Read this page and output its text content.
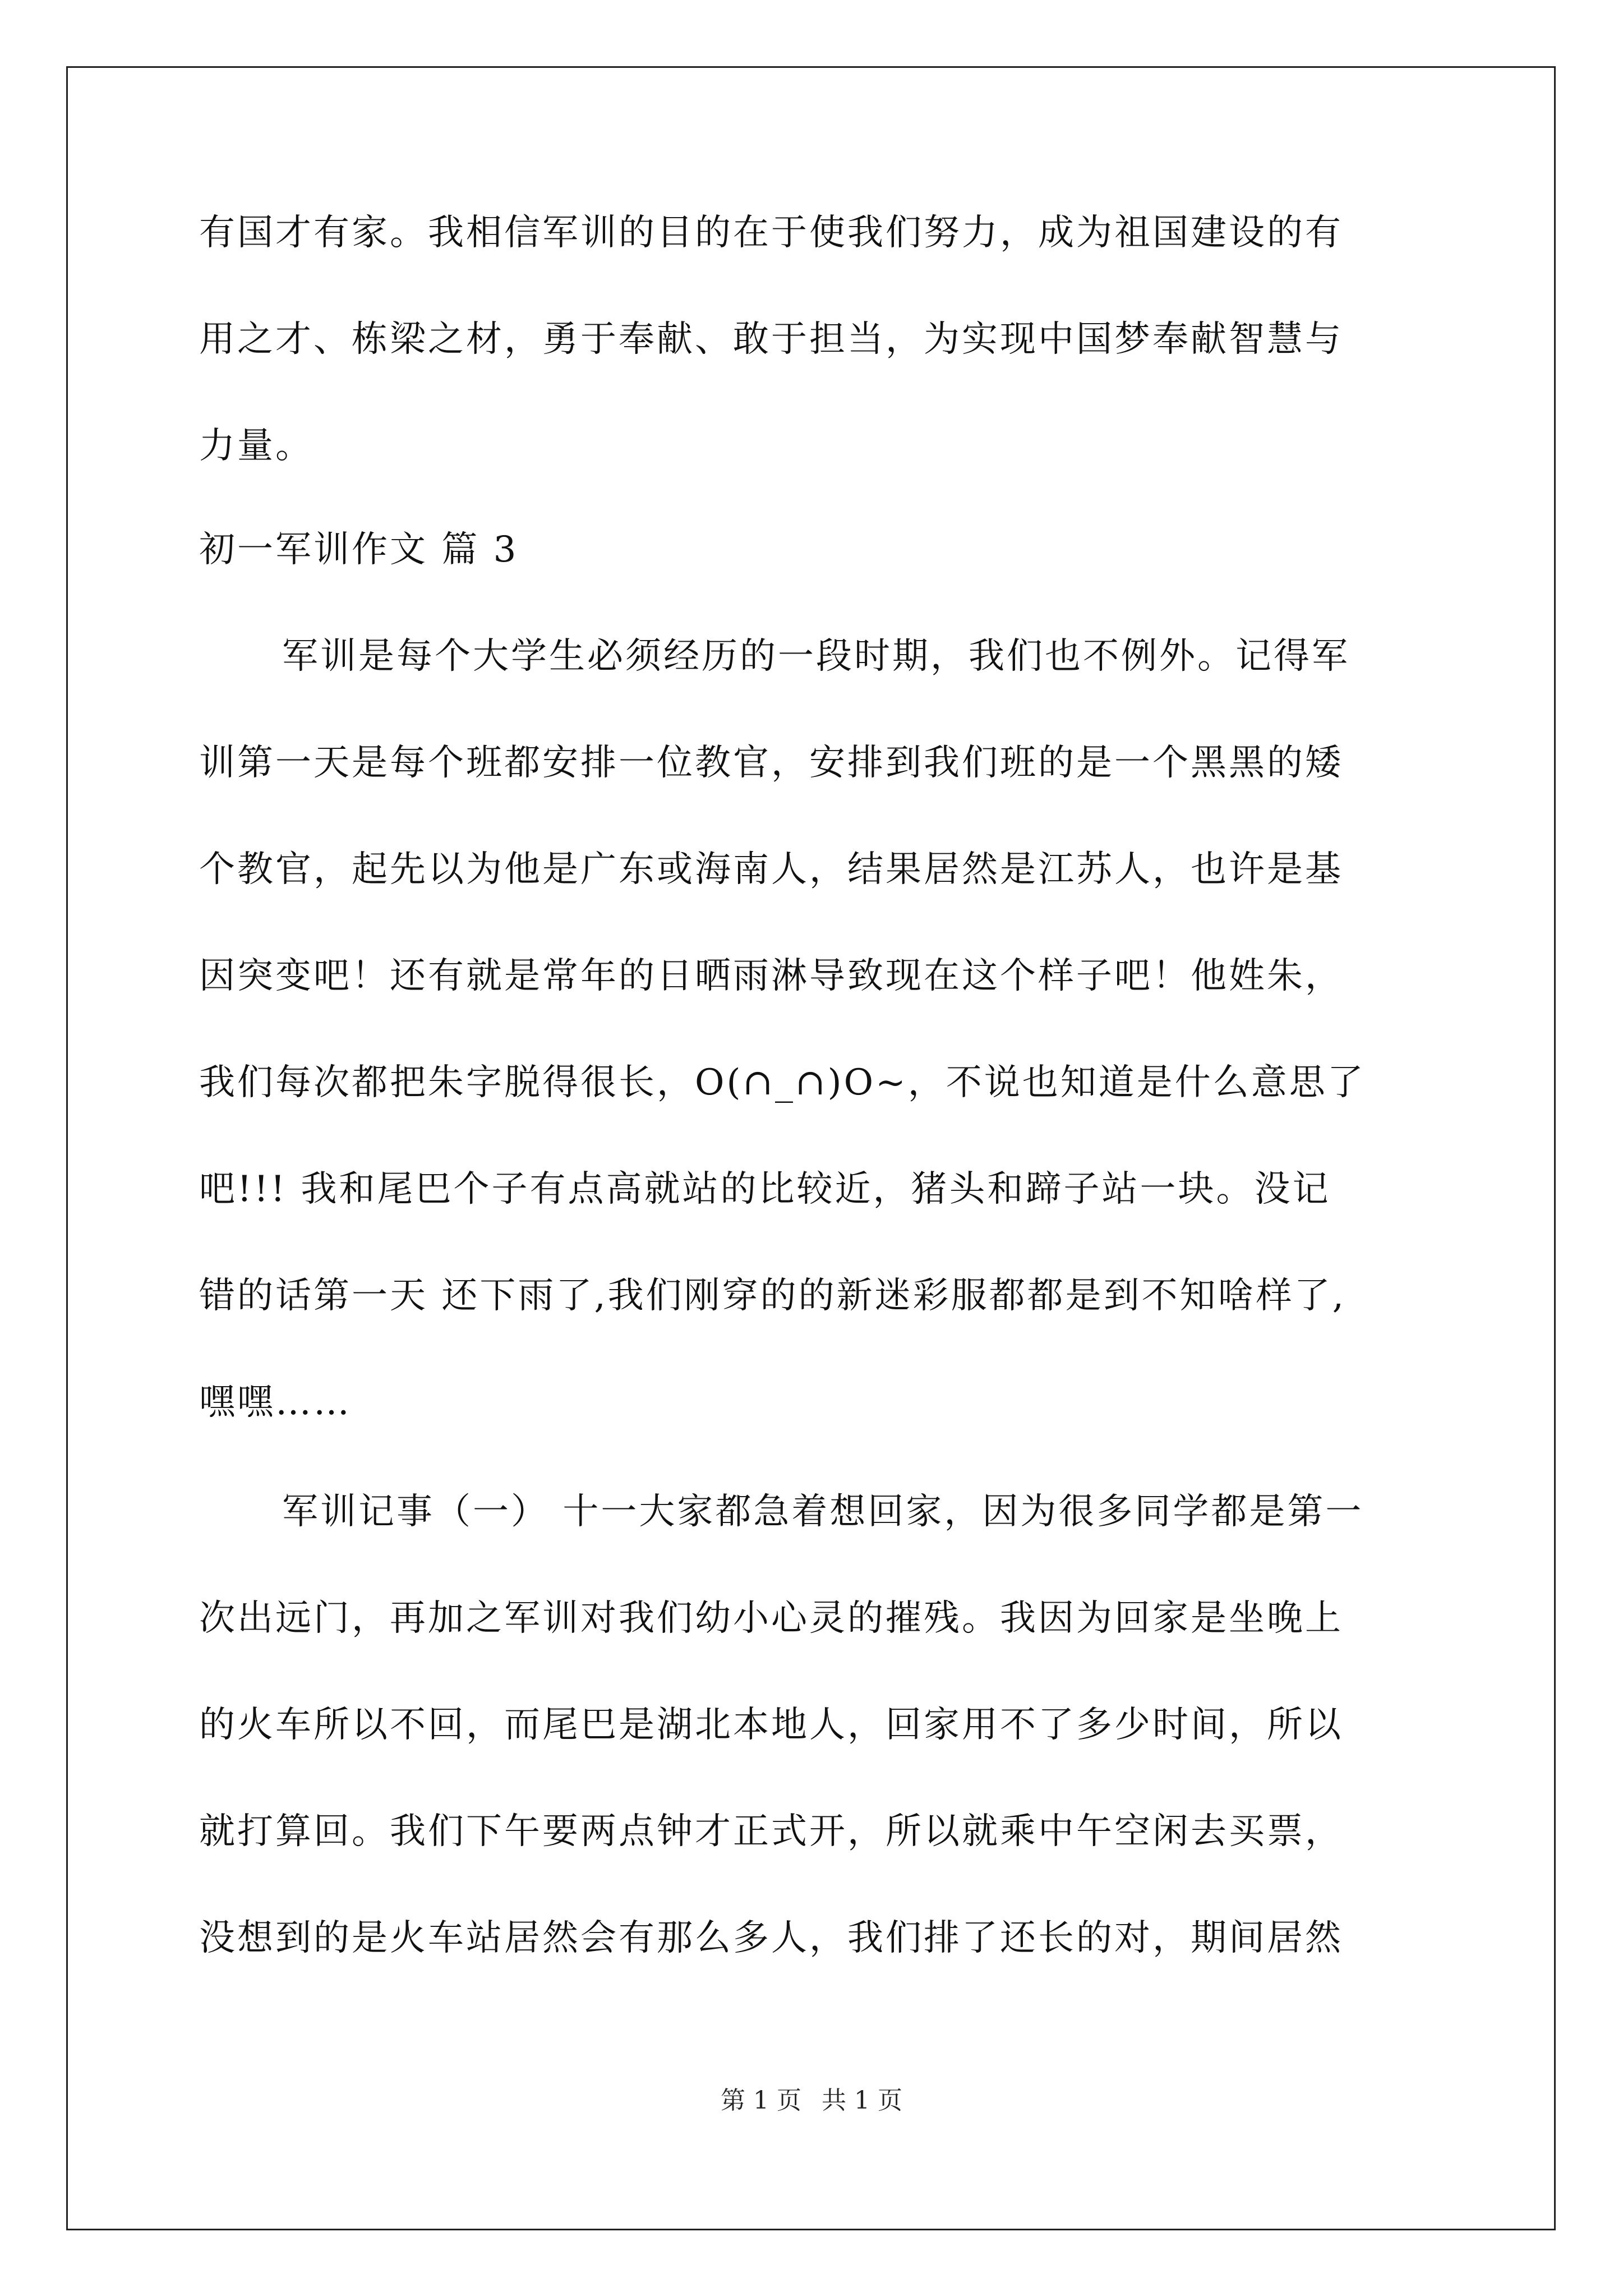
有国才有家。我相信军训的目的在于使我们努力，成为祖国建设的有
用之才、栋梁之材，勇于奉献、敢于担当，为实现中国梦奉献智慧与
力量。
初一军训作文 篇 3
军训是每个大学生必须经历的一段时期，我们也不例外。记得军
训第一天是每个班都安排一位教官，安排到我们班的是一个黑黑的矮
个教官，起先以为他是广东或海南人，结果居然是江苏人，也许是基
因突变吧！还有就是常年的日晒雨淋导致现在这个样子吧！他姓朱，
我们每次都把朱字脱得很长，O(∩_∩)O~，不说也知道是什么意思了
吧!!! 我和尾巴个子有点高就站的比较近，猪头和蹄子站一块。没记
错的话第一天 还下雨了,我们刚穿的的新迷彩服都都是到不知啥样了,
嘿嘿……
军训记事（一） 十一大家都急着想回家，因为很多同学都是第一
次出远门，再加之军训对我们幼小心灵的摧残。我因为回家是坐晚上
的火车所以不回，而尾巴是湖北本地人，回家用不了多少时间，所以
就打算回。我们下午要两点钟才正式开，所以就乘中午空闲去买票，
没想到的是火车站居然会有那么多人，我们排了还长的对，期间居然
第 1 页 共 1 页
